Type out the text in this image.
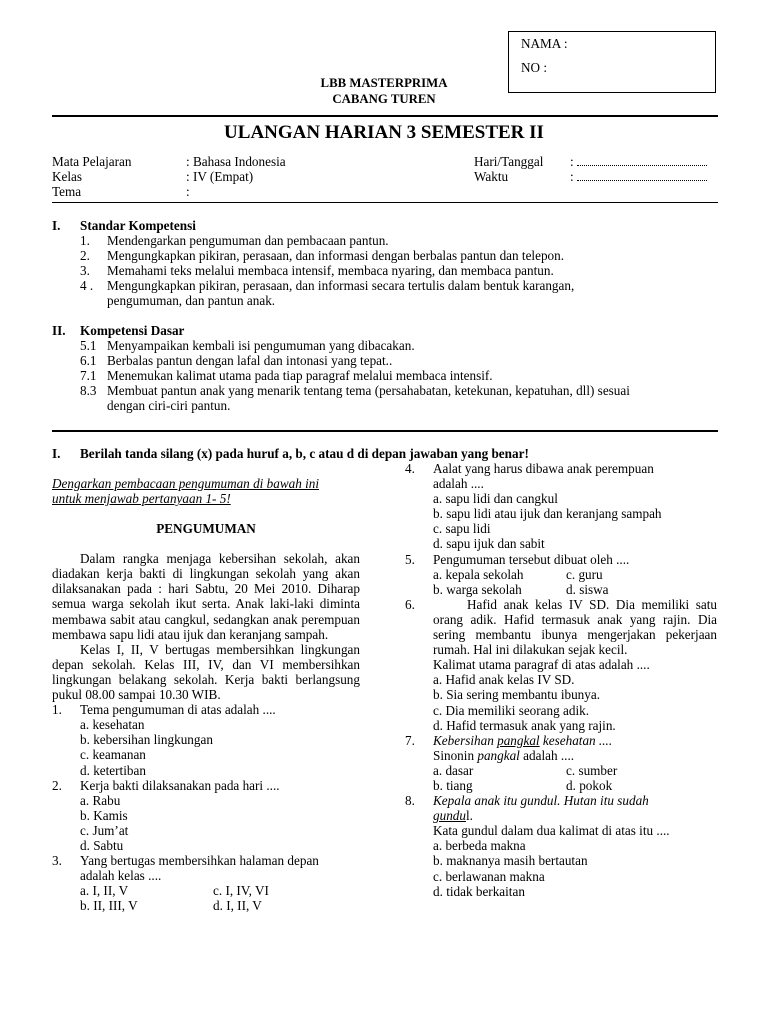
NAMA :
NO :
LBB MASTERPRIMA
CABANG TUREN
ULANGAN HARIAN 3 SEMESTER II
Mata Pelajaran	: Bahasa Indonesia
Kelas	: IV (Empat)
Tema	:
Hari/Tanggal :
Waktu	:
I. Standar Kompetensi
1. Mendengarkan pengumuman dan pembacaan pantun.
2. Mengungkapkan pikiran, perasaan, dan informasi dengan berbalas pantun dan telepon.
3. Memahami teks melalui membaca intensif, membaca nyaring, dan membaca pantun.
4 . Mengungkapkan pikiran, perasaan, dan informasi secara tertulis dalam bentuk karangan,
pengumuman, dan pantun anak.
II. Kompetensi Dasar
5.1 Menyampaikan kembali isi pengumuman yang dibacakan.
6.1 Berbalas pantun dengan lafal dan intonasi yang tepat..
7.1 Menemukan kalimat utama pada tiap paragraf melalui membaca intensif.
8.3 Membuat pantun anak yang menarik tentang tema (persahabatan, ketekunan, kepatuhan, dll) sesuai
dengan ciri-ciri pantun.
I. Berilah tanda silang (x) pada huruf a, b, c atau d di depan jawaban yang benar!
Dengarkan pembacaan pengumuman di bawah ini
untuk menjawab pertanyaan 1- 5!
PENGUMUMAN
Dalam rangka menjaga kebersihan sekolah, akan diadakan kerja bakti di lingkungan sekolah yang akan dilaksanakan pada : hari Sabtu, 20 Mei 2010. Diharap semua warga sekolah ikut serta. Anak laki-laki diminta membawa sabit atau cangkul, sedangkan anak perempuan membawa sapu lidi atau ijuk dan keranjang sampah.
Kelas I, II, V bertugas membersihkan lingkungan depan sekolah. Kelas III, IV, dan VI membersihkan lingkungan belakang sekolah. Kerja bakti berlangsung pukul 08.00 sampai 10.30 WIB.
1. Tema pengumuman di atas adalah ....
a. kesehatan
b. kebersihan lingkungan
c. keamanan
d. ketertiban
2. Kerja bakti dilaksanakan pada hari ....
a. Rabu
b. Kamis
c. Jum’at
d. Sabtu
3. Yang bertugas membersihkan halaman depan
adalah kelas ....
a. I, II, V	c. I, IV, VI
b. II, III, V	d. I, II, V
4. Aalat yang harus dibawa anak perempuan
adalah ....
a. sapu lidi dan cangkul
b. sapu lidi atau ijuk dan keranjang sampah
c. sapu lidi
d. sapu ijuk dan sabit
5. Pengumuman tersebut dibuat oleh ....
a. kepala sekolah	c. guru
b. warga sekolah	d. siswa
6.	Hafid anak kelas IV SD. Dia memiliki satu orang adik. Hafid termasuk anak yang rajin. Dia sering membantu ibunya mengerjakan pekerjaan rumah. Hal ini dilakukan sejak kecil.
Kalimat utama paragraf di atas adalah ....
a. Hafid anak kelas IV SD.
b. Sia sering membantu ibunya.
c. Dia memiliki seorang adik.
d. Hafid termasuk anak yang rajin.
7. Kebersihan pangkal kesehatan ....
Sinonin pangkal adalah ....
a. dasar	c. sumber
b. tiang	d. pokok
8. Kepala anak itu gundul. Hutan itu sudah
gundul.
Kata gundul dalam dua kalimat di atas itu ....
a. berbeda makna
b. maknanya masih bertautan
c. berlawanan makna
d. tidak berkaitan
